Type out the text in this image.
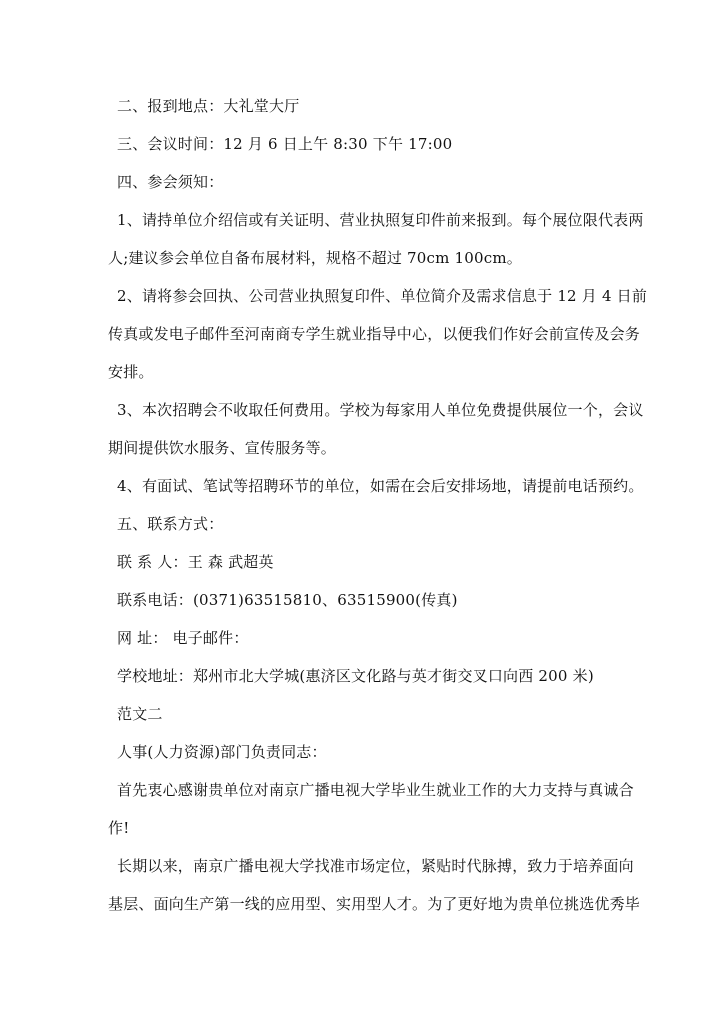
二、报到地点：大礼堂大厅
三、会议时间：12 月 6 日上午 8:30 下午 17:00
四、参会须知：
1、请持单位介绍信或有关证明、营业执照复印件前来报到。每个展位限代表两
人;建议参会单位自备布展材料，规格不超过 70cm 100cm。
2、请将参会回执、公司营业执照复印件、单位简介及需求信息于 12 月 4 日前
传真或发电子邮件至河南商专学生就业指导中心，以便我们作好会前宣传及会务
安排。
3、本次招聘会不收取任何费用。学校为每家用人单位免费提供展位一个，会议
期间提供饮水服务、宣传服务等。
4、有面试、笔试等招聘环节的单位，如需在会后安排场地，请提前电话预约。
五、联系方式：
联 系 人：王 森 武超英
联系电话：(0371)63515810、63515900(传真)
网 址： 电子邮件：
学校地址：郑州市北大学城(惠济区文化路与英才街交叉口向西 200 米)
范文二
人事(人力资源)部门负责同志：
首先衷心感谢贵单位对南京广播电视大学毕业生就业工作的大力支持与真诚合
作!
长期以来，南京广播电视大学找准市场定位，紧贴时代脉搏，致力于培养面向
基层、面向生产第一线的应用型、实用型人才。为了更好地为贵单位挑选优秀毕
